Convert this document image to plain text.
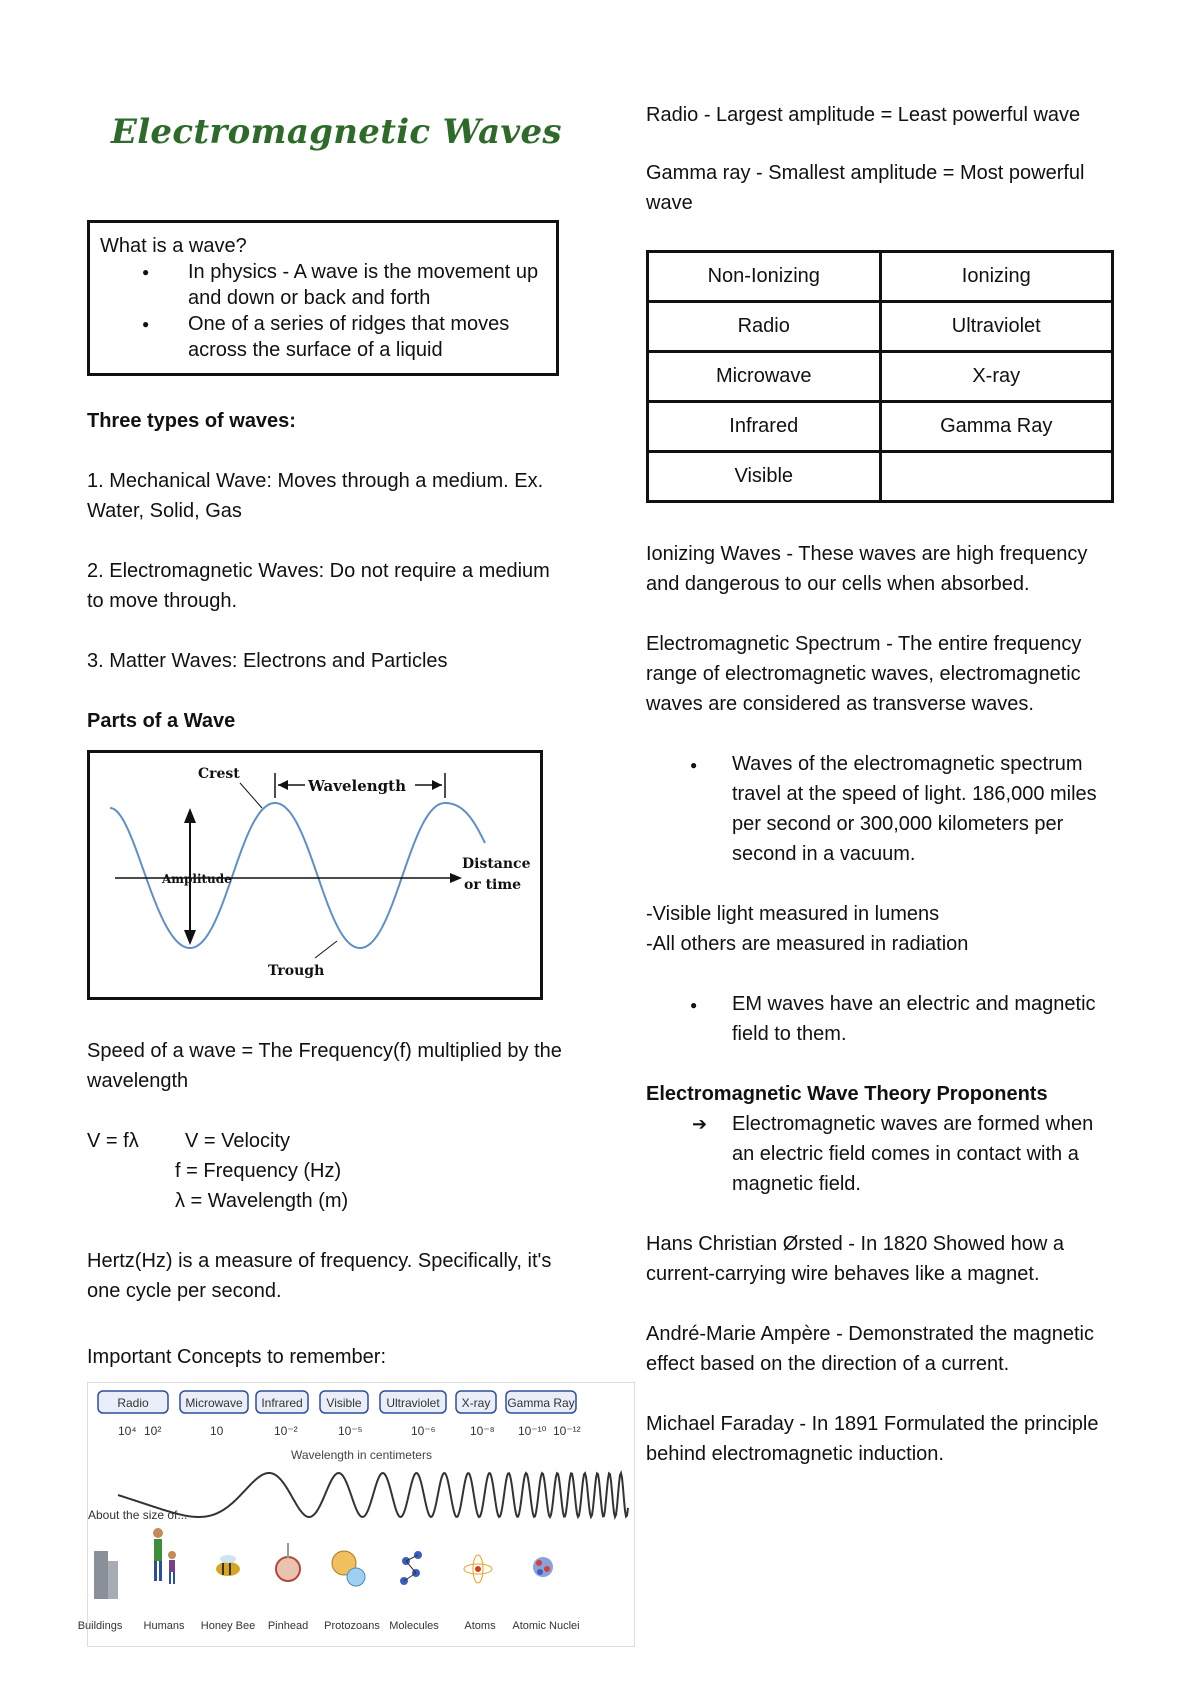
Electromagnetic Waves
What is a wave?
● In physics - A wave is the movement up and down or back and forth
● One of a series of ridges that moves across the surface of a liquid

Three types of waves:

1. Mechanical Wave: Moves through a medium. Ex. Water, Solid, Gas

2. Electromagnetic Waves: Do not require a medium to move through.

3. Matter Waves: Electrons and Particles

Parts of a Wave

Crest
Wavelength
Amplitude
Distance
or time
Trough

Speed of a wave = The Frequency(f) multiplied by the wavelength

V = fλ	V = Velocity
f = Frequency (Hz)
λ = Wavelength (m)

Hertz(Hz) is a measure of frequency. Specifically, it's one cycle per second.

Important Concepts to remember:

Radio	Microwave Infrared Visible Ultraviolet X-ray Gamma Ray
10⁴ 10²	10	10⁻²	10⁻⁵	10⁻⁶	10⁻⁸ 10⁻¹⁰ 10⁻¹²
Wavelength in centimeters
About the size of...
Buildings Humans Honey Bee Pinhead Protozoans Molecules Atoms Atomic Nuclei

Radio - Largest amplitude = Least powerful wave

Gamma ray - Smallest amplitude = Most powerful wave

Non-Ionizing	Ionizing
Radio	Ultraviolet
Microwave	X-ray
Infrared	Gamma Ray
Visible	

Ionizing Waves - These waves are high frequency and dangerous to our cells when absorbed.

Electromagnetic Spectrum - The entire frequency range of electromagnetic waves, electromagnetic waves are considered as transverse waves.

● Waves of the electromagnetic spectrum travel at the speed of light. 186,000 miles per second or 300,000 kilometers per second in a vacuum.

-Visible light measured in lumens

-All others are measured in radiation

● EM waves have an electric and magnetic field to them.

Electromagnetic Wave Theory Proponents

➔ Electromagnetic waves are formed when an electric field comes in contact with a magnetic field.

Hans Christian Ørsted - In 1820 Showed how a current-carrying wire behaves like a magnet.

André-Marie Ampère - Demonstrated the magnetic effect based on the direction of a current.

Michael Faraday - In 1891 Formulated the principle behind electromagnetic induction.
